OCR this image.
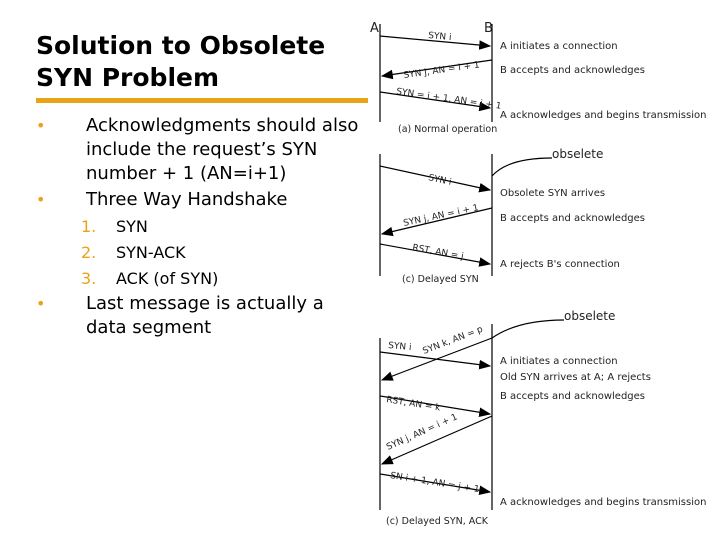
Solution to Obsolete
SYN Problem
• Acknowledgments should also include the request’s SYN number + 1 (AN=i+1)
• Three Way Handshake
1. SYN
2. SYN-ACK
3. ACK (of SYN)
• Last message is actually a data segment
A	B
SYN i
SYN j, AN = i + 1
SYN = i + 1, AN = j + 1
A initiates a connection
B accepts and acknowledges
A acknowledges and begins transmission
(a) Normal operation
obselete
SYN i
SYN j, AN = i + 1
RST, AN = j
Obsolete SYN arrives
B accepts and acknowledges
A rejects B's connection
(c) Delayed SYN
obselete
SYN i SYN k, AN = p
RST, AN = k
SYN j, AN = i + 1
SN i + 1, AN = j + 1
A initiates a connection
Old SYN arrives at A; A rejects
B accepts and acknowledges
A acknowledges and begins transmission
(c) Delayed SYN, ACK
